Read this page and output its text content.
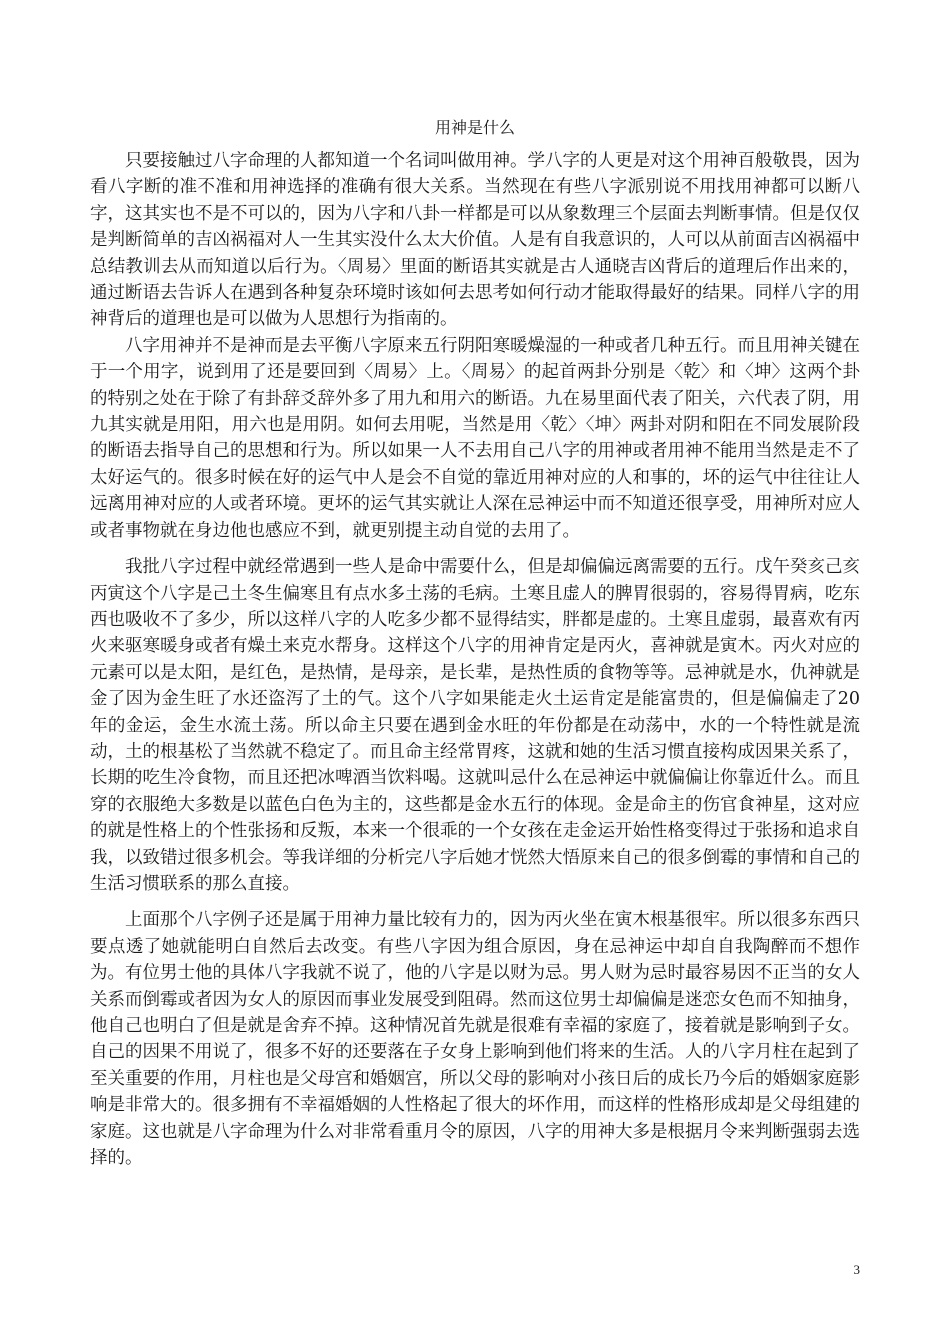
用神是什么

只要接触过八字命理的人都知道一个名词叫做用神。学八字的人更是对这个用神百般敬畏，因为看八字断的准不准和用神选择的准确有很大关系。当然现在有些八字派别说不用找用神都可以断八字，这其实也不是不可以的，因为八字和八卦一样都是可以从象数理三个层面去判断事情。但是仅仅是判断简单的吉凶祸福对人一生其实没什么太大价值。人是有自我意识的，人可以从前面吉凶祸福中总结教训去从而知道以后行为。〈周易〉里面的断语其实就是古人通晓吉凶背后的道理后作出来的，通过断语去告诉人在遇到各种复杂环境时该如何去思考如何行动才能取得最好的结果。同样八字的用神背后的道理也是可以做为人思想行为指南的。

八字用神并不是神而是去平衡八字原来五行阴阳寒暖燥湿的一种或者几种五行。而且用神关键在于一个用字，说到用了还是要回到〈周易〉上。〈周易〉的起首两卦分别是〈乾〉和〈坤〉这两个卦的特别之处在于除了有卦辞爻辞外多了用九和用六的断语。九在易里面代表了阳关，六代表了阴，用九其实就是用阳，用六也是用阴。如何去用呢，当然是用〈乾〉〈坤〉两卦对阴和阳在不同发展阶段的断语去指导自己的思想和行为。所以如果一人不去用自己八字的用神或者用神不能用当然是走不了太好运气的。很多时候在好的运气中人是会不自觉的靠近用神对应的人和事的，坏的运气中往往让人远离用神对应的人或者环境。更坏的运气其实就让人深在忌神运中而不知道还很享受，用神所对应人或者事物就在身边他也感应不到，就更别提主动自觉的去用了。

我批八字过程中就经常遇到一些人是命中需要什么，但是却偏偏远离需要的五行。戊午癸亥己亥丙寅这个八字是己土冬生偏寒且有点水多土荡的毛病。土寒且虚人的脾胃很弱的，容易得胃病，吃东西也吸收不了多少，所以这样八字的人吃多少都不显得结实，胖都是虚的。土寒且虚弱，最喜欢有丙火来驱寒暖身或者有燥土来克水帮身。这样这个八字的用神肯定是丙火，喜神就是寅木。丙火对应的元素可以是太阳，是红色，是热情，是母亲，是长辈，是热性质的食物等等。忌神就是水，仇神就是金了因为金生旺了水还盗泻了土的气。这个八字如果能走火土运肯定是能富贵的，但是偏偏走了20年的金运，金生水流土荡。所以命主只要在遇到金水旺的年份都是在动荡中，水的一个特性就是流动，土的根基松了当然就不稳定了。而且命主经常胃疼，这就和她的生活习惯直接构成因果关系了，长期的吃生冷食物，而且还把冰啤酒当饮料喝。这就叫忌什么在忌神运中就偏偏让你靠近什么。而且穿的衣服绝大多数是以蓝色白色为主的，这些都是金水五行的体现。金是命主的伤官食神星，这对应的就是性格上的个性张扬和反叛，本来一个很乖的一个女孩在走金运开始性格变得过于张扬和追求自我，以致错过很多机会。等我详细的分析完八字后她才恍然大悟原来自己的很多倒霉的事情和自己的生活习惯联系的那么直接。

上面那个八字例子还是属于用神力量比较有力的，因为丙火坐在寅木根基很牢。所以很多东西只要点透了她就能明白自然后去改变。有些八字因为组合原因，身在忌神运中却自自我陶醉而不想作为。有位男士他的具体八字我就不说了，他的八字是以财为忌。男人财为忌时最容易因不正当的女人关系而倒霉或者因为女人的原因而事业发展受到阻碍。然而这位男士却偏偏是迷恋女色而不知抽身，他自己也明白了但是就是舍弃不掉。这种情况首先就是很难有幸福的家庭了，接着就是影响到子女。自己的因果不用说了，很多不好的还要落在子女身上影响到他们将来的生活。人的八字月柱在起到了至关重要的作用，月柱也是父母宫和婚姻宫，所以父母的影响对小孩日后的成长乃今后的婚姻家庭影响是非常大的。很多拥有不幸福婚姻的人性格起了很大的坏作用，而这样的性格形成却是父母组建的家庭。这也就是八字命理为什么对非常看重月令的原因，八字的用神大多是根据月令来判断强弱去选择的。

3
